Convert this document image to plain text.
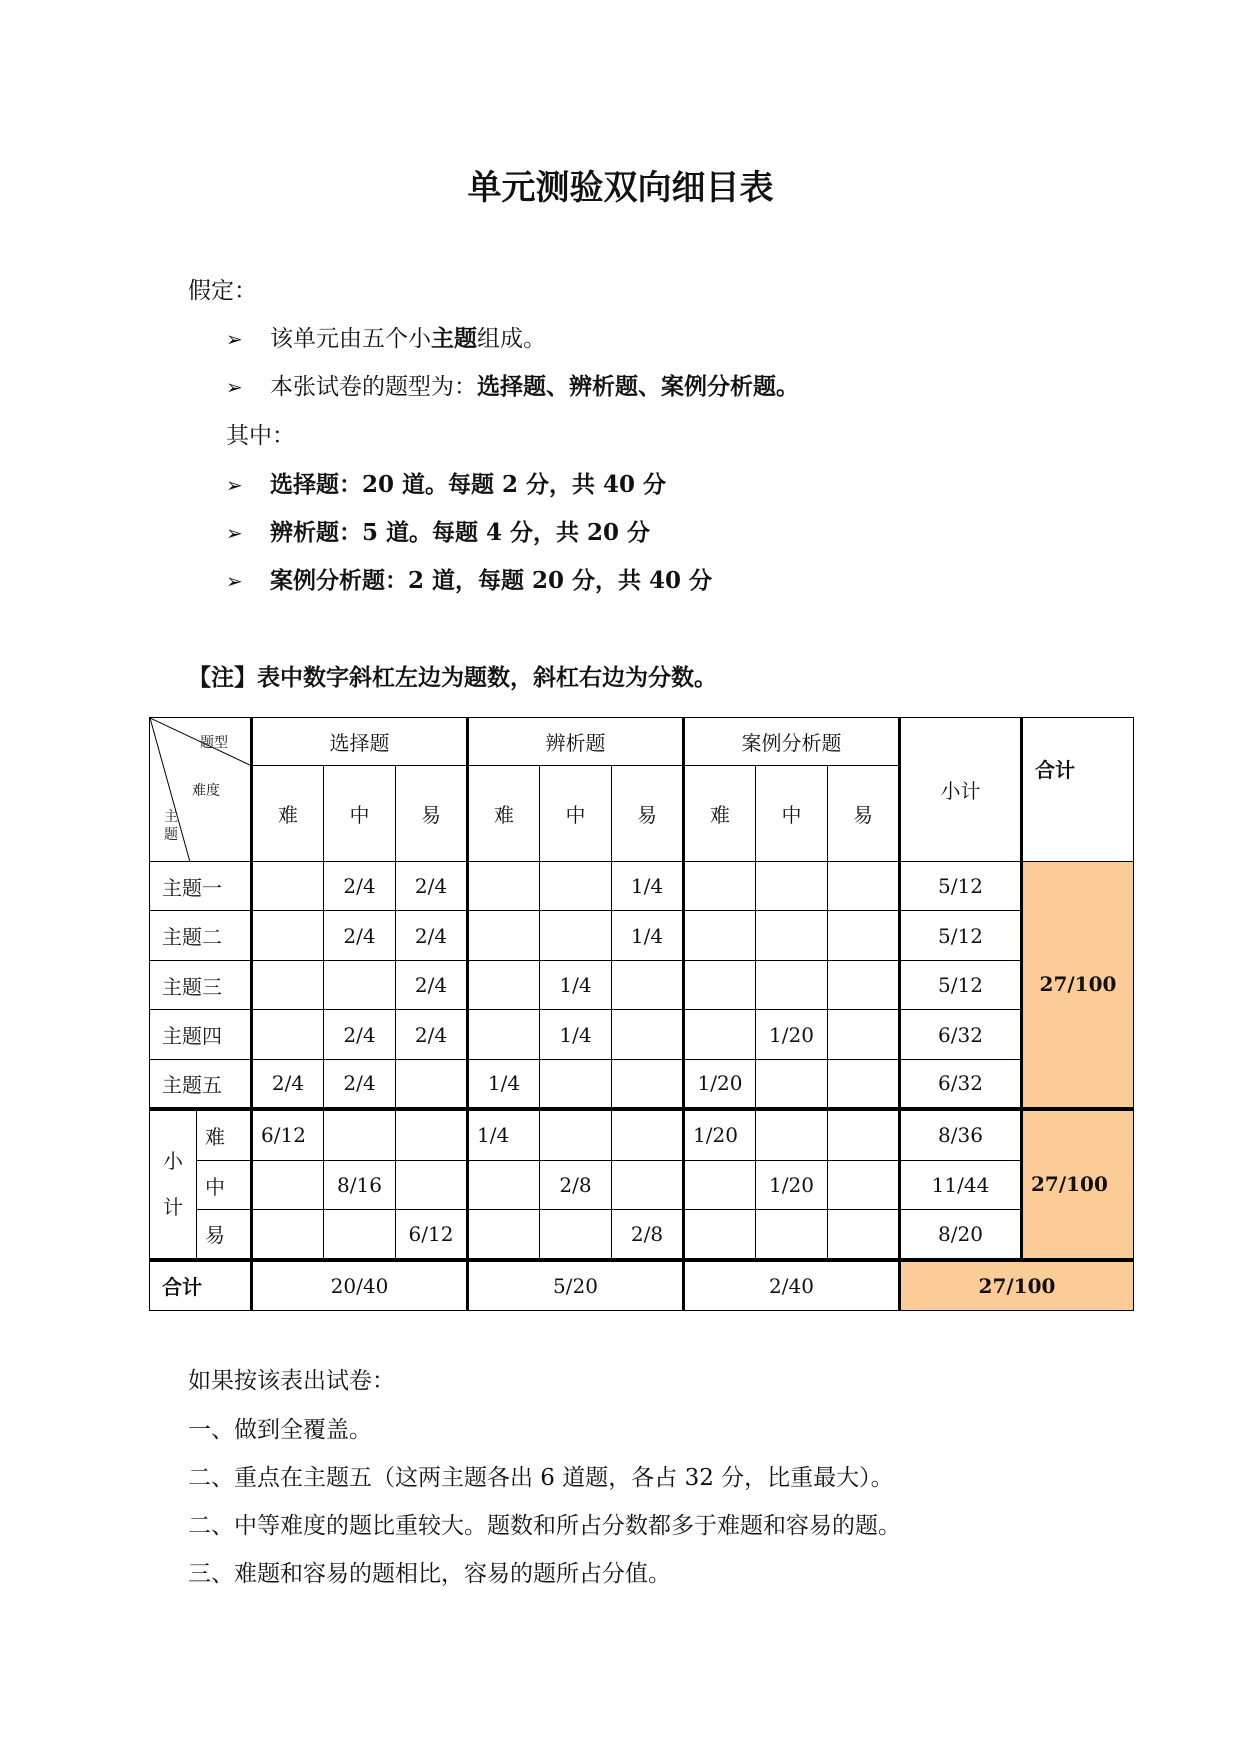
单元测验双向细目表
假定：
➢ 该单元由五个小主题组成。
➢ 本张试卷的题型为：选择题、辨析题、案例分析题。
其中：
➢ 选择题：20 道。每题 2 分，共 40 分
➢ 辨析题：5 道。每题 4 分，共 20 分
➢ 案例分析题：2 道，每题 20 分，共 40 分
【注】表中数字斜杠左边为题数，斜杠右边为分数。
题型
难度
主
题		选择题			辨析题			案例分析题			小计	合计
		难	中	易	难	中	易	难	中	易		
主题一			2/4	2/4			1/4				5/12	27/100
主题二			2/4	2/4			1/4				5/12	
主题三				2/4		1/4					5/12	
主题四			2/4	2/4		1/4			1/20		6/32	
主题五		2/4	2/4		1/4			1/20			6/32	

小
计	难	6/12			1/4			1/20			8/36	27/100
	中		8/16			2/8			1/20		11/44	
	易			6/12			2/8				8/20	
合计		20/40			5/20			2/40			27/100	
如果按该表出试卷：
一、做到全覆盖。
二、重点在主题五（这两主题各出 6 道题，各占 32 分，比重最大）。
二、中等难度的题比重较大。题数和所占分数都多于难题和容易的题。
三、难题和容易的题相比，容易的题所占分值。
